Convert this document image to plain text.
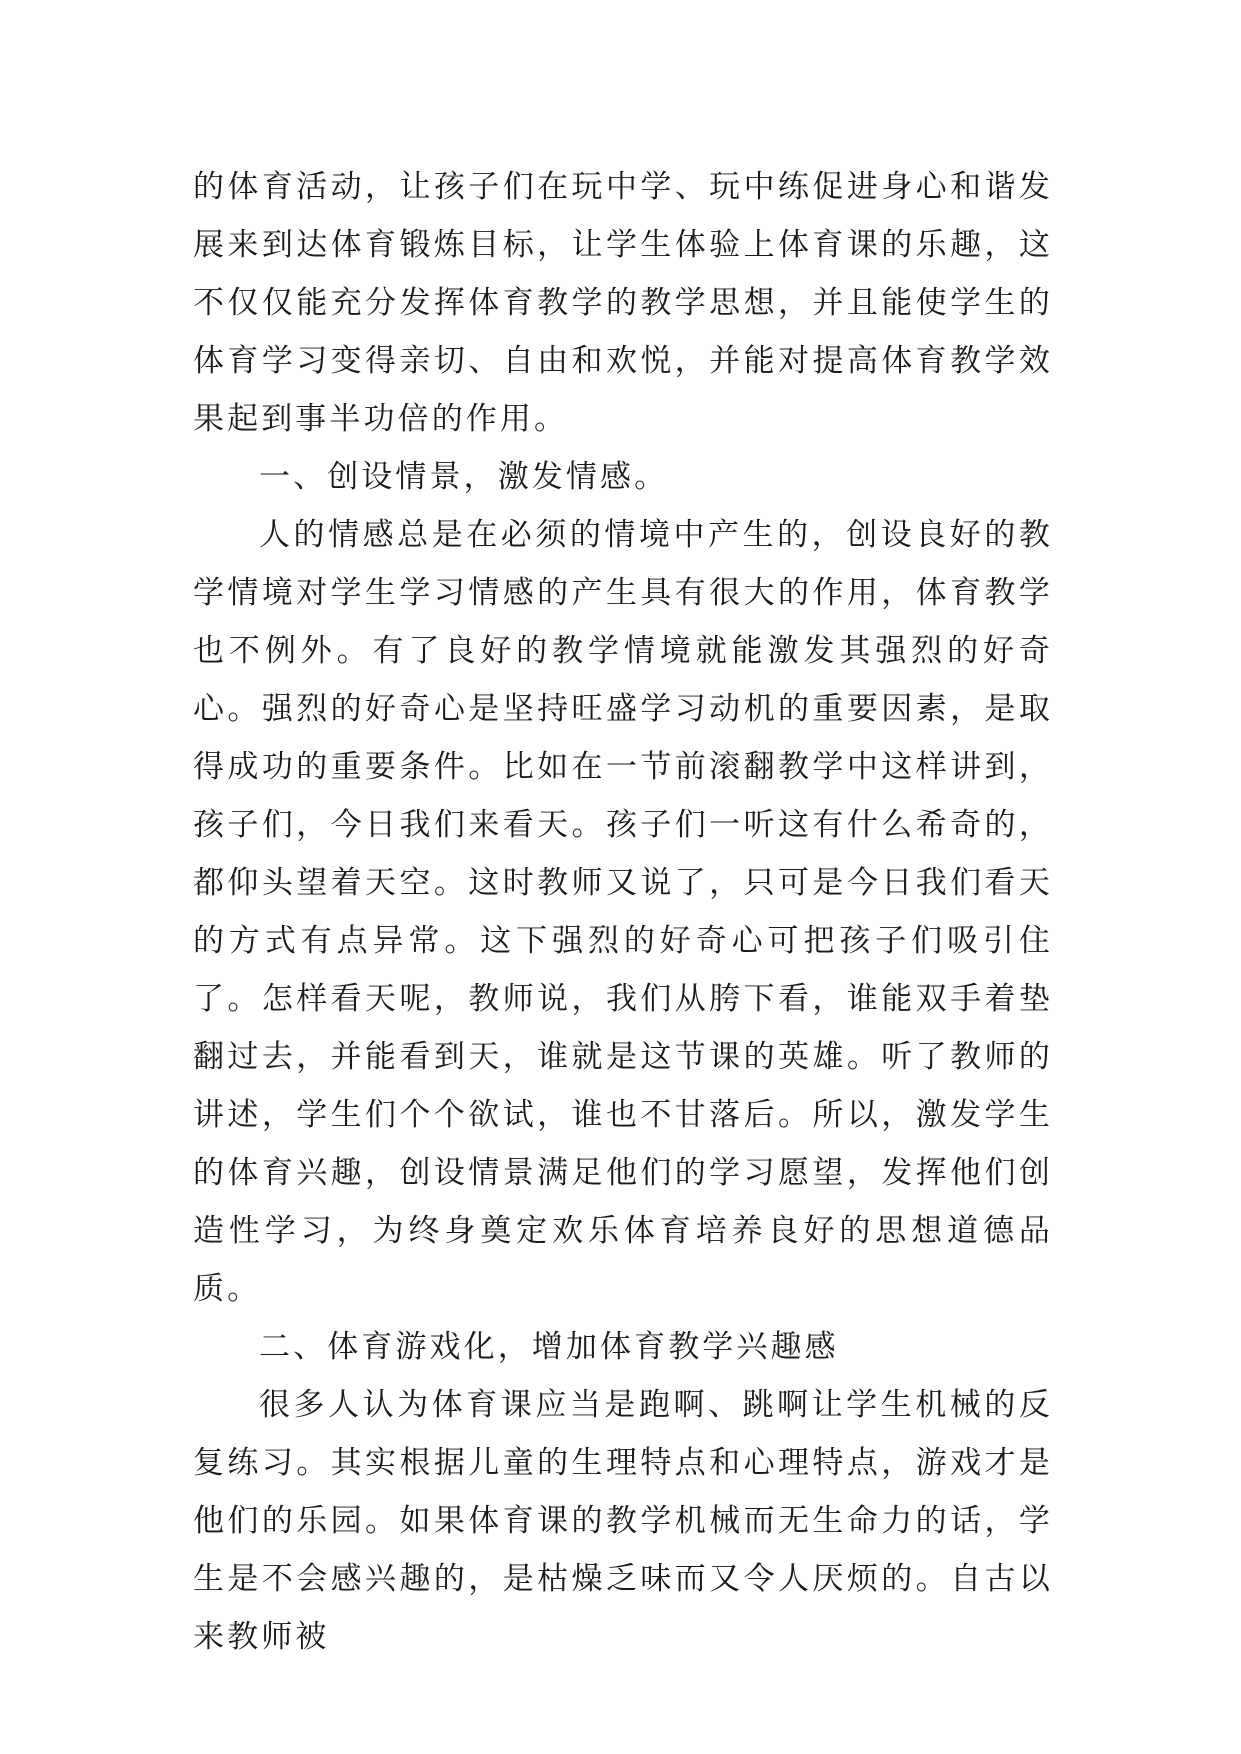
的体育活动，让孩子们在玩中学、玩中练促进身心和谐发展来到达体育锻炼目标，让学生体验上体育课的乐趣，这不仅仅能充分发挥体育教学的教学思想，并且能使学生的体育学习变得亲切、自由和欢悦，并能对提高体育教学效果起到事半功倍的作用。

一、创设情景，激发情感。

人的情感总是在必须的情境中产生的，创设良好的教学情境对学生学习情感的产生具有很大的作用，体育教学也不例外。有了良好的教学情境就能激发其强烈的好奇心。强烈的好奇心是坚持旺盛学习动机的重要因素，是取得成功的重要条件。比如在一节前滚翻教学中这样讲到，孩子们，今日我们来看天。孩子们一听这有什么希奇的，都仰头望着天空。这时教师又说了，只可是今日我们看天的方式有点异常。这下强烈的好奇心可把孩子们吸引住了。怎样看天呢，教师说，我们从胯下看，谁能双手着垫翻过去，并能看到天，谁就是这节课的英雄。听了教师的讲述，学生们个个欲试，谁也不甘落后。所以，激发学生的体育兴趣，创设情景满足他们的学习愿望，发挥他们创造性学习，为终身奠定欢乐体育培养良好的思想道德品质。

二、体育游戏化，增加体育教学兴趣感

很多人认为体育课应当是跑啊、跳啊让学生机械的反复练习。其实根据儿童的生理特点和心理特点，游戏才是他们的乐园。如果体育课的教学机械而无生命力的话，学生是不会感兴趣的，是枯燥乏味而又令人厌烦的。自古以来教师被
